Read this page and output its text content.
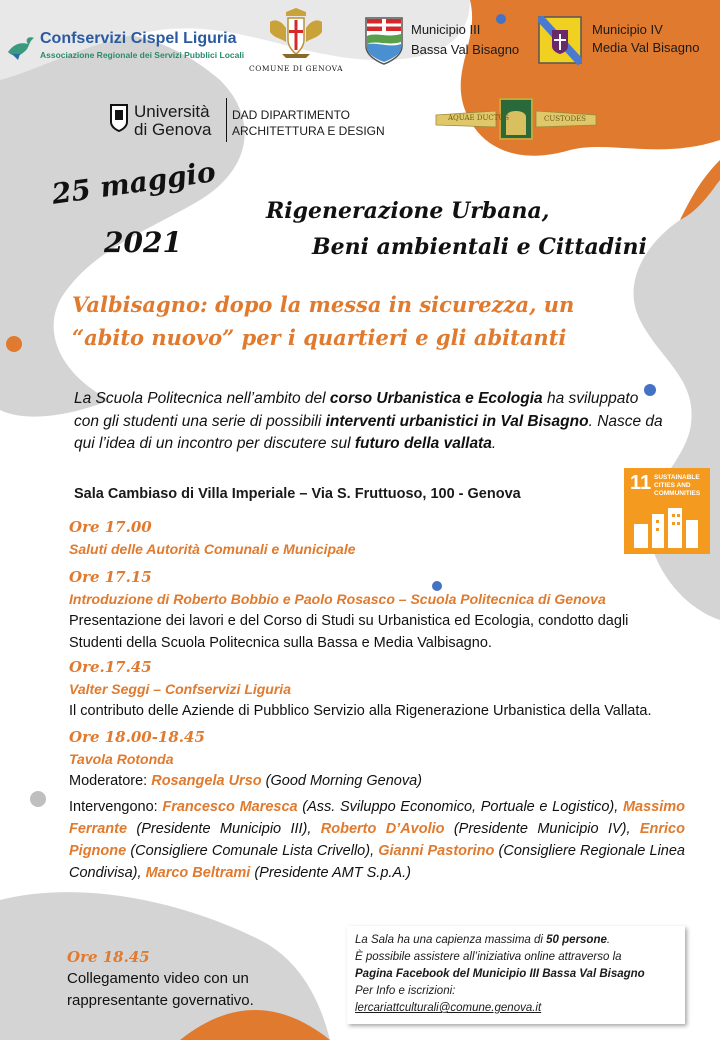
Confservizi Cispel Liguria
Associazione Regionale dei Servizi Pubblici Locali
COMUNE DI GENOVA
Municipio III
Bassa Val Bisagno
Municipio IV
Media Val Bisagno
Università
di Genova
DAD DIPARTIMENTO
ARCHITETTURA E DESIGN
AQUAE DUCTUS	CUSTODES
25 maggio
2021
Rigenerazione Urbana,
Beni ambientali e Cittadini
Valbisagno: dopo la messa in sicurezza, un
“abito nuovo” per i quartieri e gli abitanti
La Scuola Politecnica nell’ambito del corso Urbanistica e Ecologia ha sviluppato con gli studenti una serie di possibili interventi urbanistici in Val Bisagno. Nasce da qui l’idea di un incontro per discutere sul futuro della vallata.
Sala Cambiaso di Villa Imperiale – Via S. Fruttuoso, 100 - Genova	11 SUSTAINABLE CITIES AND COMMUNITIES
Ore 17.00
Saluti delle Autorità Comunali e Municipale
Ore 17.15
Introduzione di Roberto Bobbio e Paolo Rosasco – Scuola Politecnica di Genova
Presentazione dei lavori e del Corso di Studi su Urbanistica ed Ecologia, condotto dagli Studenti della Scuola Politecnica sulla Bassa e Media Valbisagno.
Ore.17.45
Valter Seggi – Confservizi Liguria
Il contributo delle Aziende di Pubblico Servizio alla Rigenerazione Urbanistica della Vallata.
Ore 18.00-18.45
Tavola Rotonda
Moderatore: Rosangela Urso (Good Morning Genova)
Intervengono: Francesco Maresca (Ass. Sviluppo Economico, Portuale e Logistico), Massimo Ferrante (Presidente Municipio III), Roberto D’Avolio (Presidente Municipio IV), Enrico Pignone (Consigliere Comunale Lista Crivello), Gianni Pastorino (Consigliere Regionale Linea Condivisa), Marco Beltrami (Presidente AMT S.p.A.)
Ore 18.45
Collegamento video con un rappresentante governativo.
La Sala ha una capienza massima di 50 persone.
È possibile assistere all’iniziativa online attraverso la
Pagina Facebook del Municipio III Bassa Val Bisagno
Per Info e iscrizioni:
lercariattculturali@comune.genova.it
